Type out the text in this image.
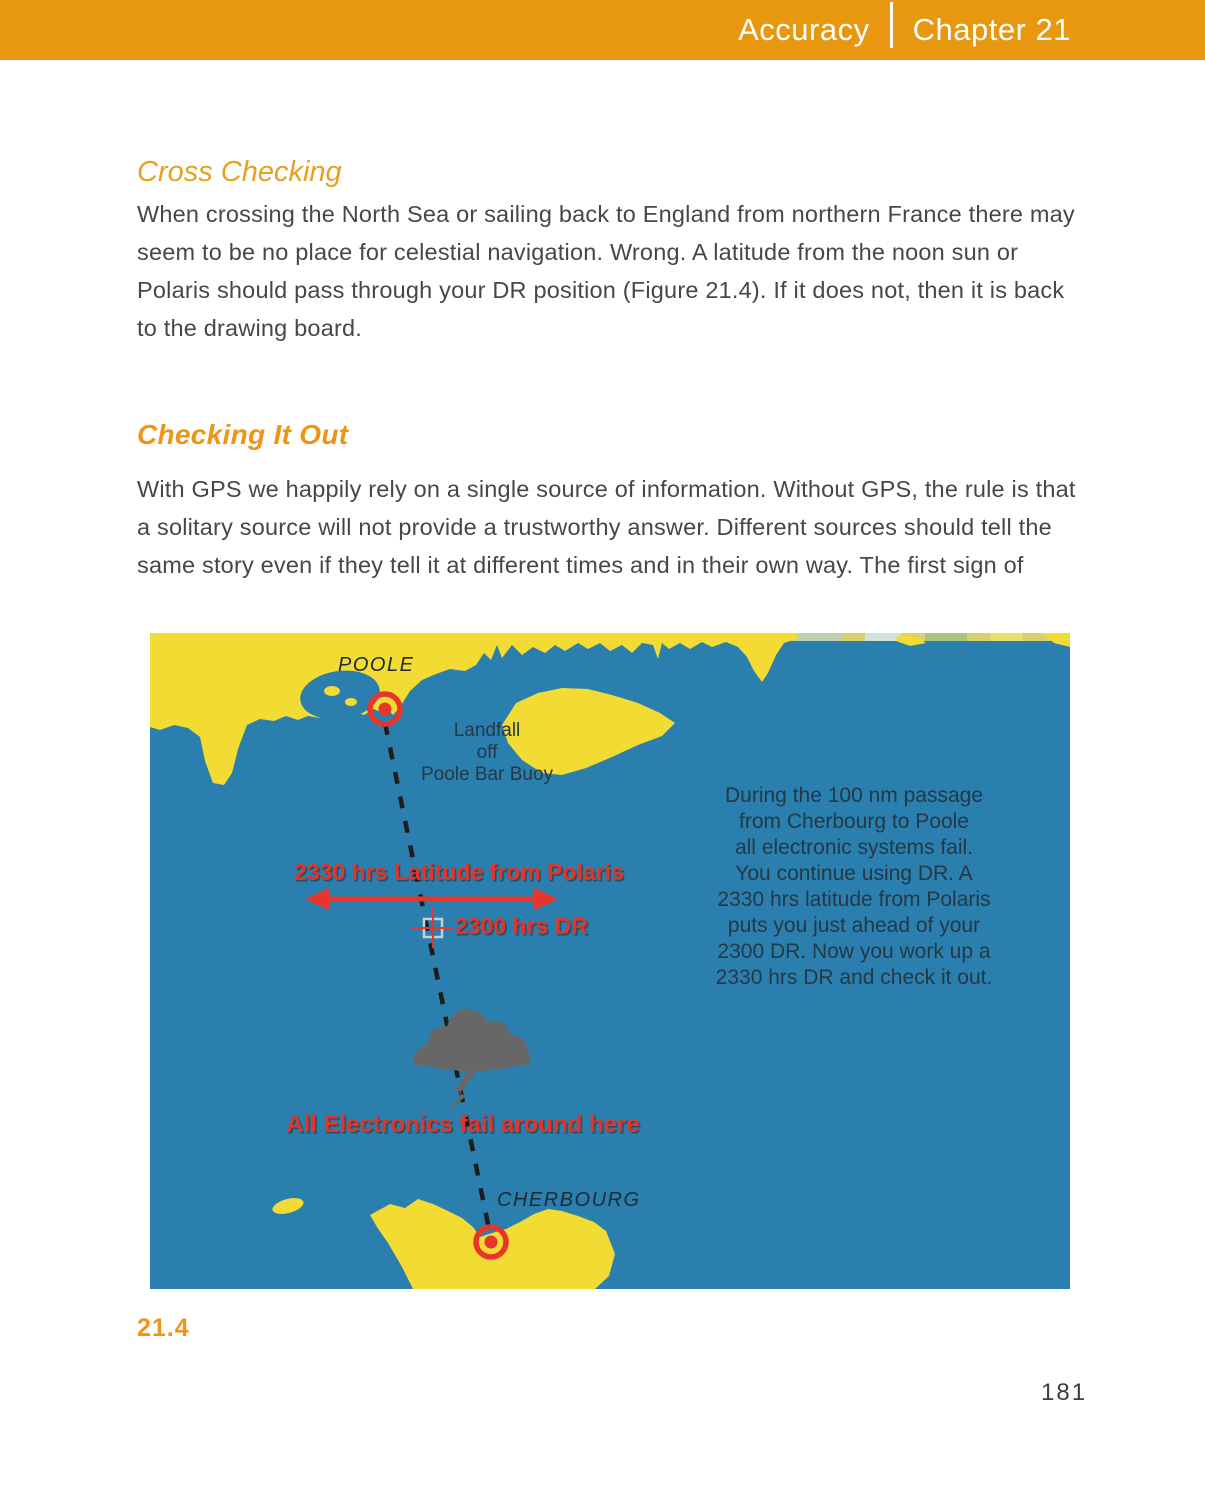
Accuracy Chapter 21
Cross Checking
When crossing the North Sea or sailing back to England from northern France there may seem to be no place for celestial navigation. Wrong. A latitude from the noon sun or Polaris should pass through your DR position (Figure 21.4). If it does not, then it is back to the drawing board.
Checking It Out
With GPS we happily rely on a single source of information. Without GPS, the rule is that a solitary source will not provide a trustworthy answer. Different sources should tell the same story even if they tell it at different times and in their own way. The first sign of
POOLE
Landfall
off
Poole Bar Buoy
During the 100 nm passage
from Cherbourg to Poole
all electronic systems fail.
You continue using DR. A
2330 hrs latitude from Polaris
puts you just ahead of your
2300 DR. Now you work up a
2330 hrs DR and check it out.
2330 hrs Latitude from Polaris
2300 hrs DR
All Electronics fail around here
CHERBOURG
21.4
181
